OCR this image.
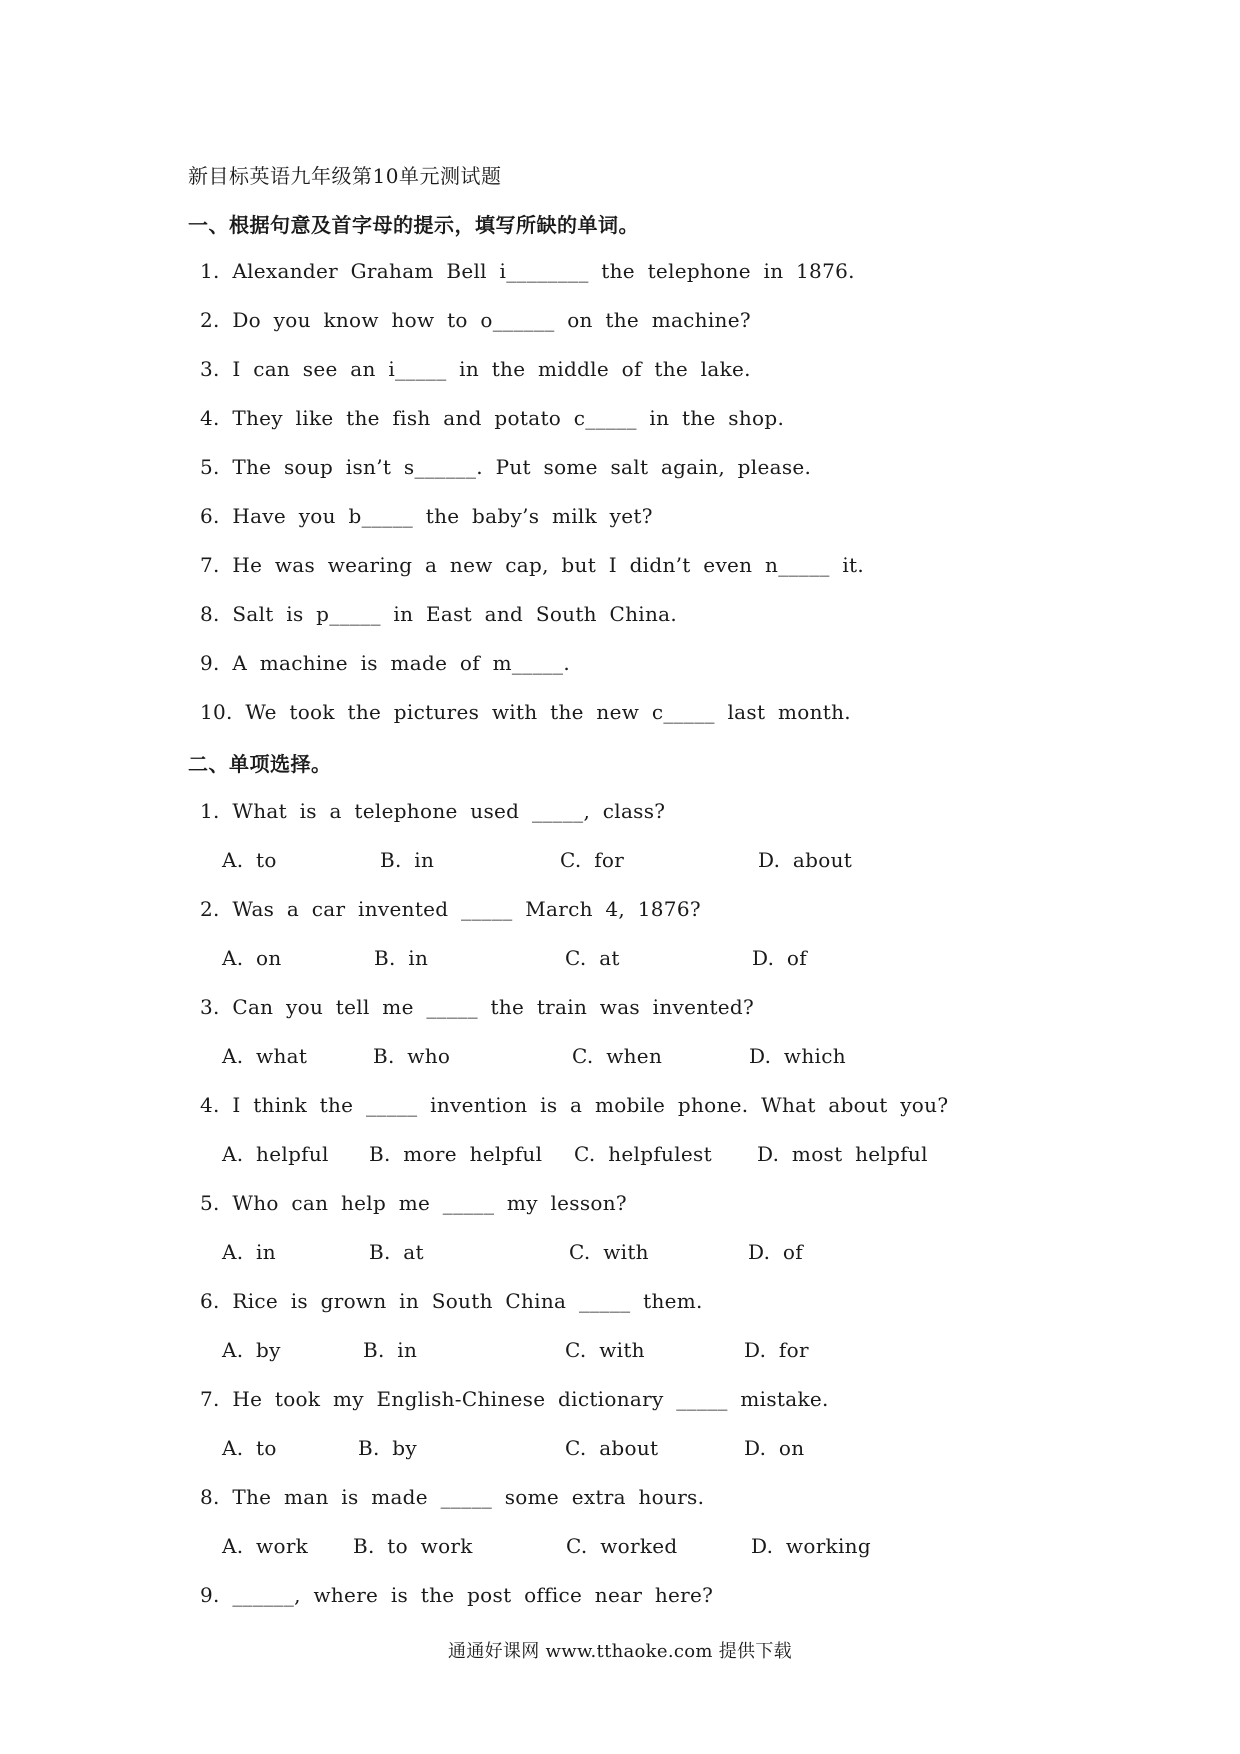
新目标英语九年级第10单元测试题
一、根据句意及首字母的提示，填写所缺的单词。
1. Alexander Graham Bell i________ the telephone in 1876.
2. Do you know how to o______ on the machine?
3. I can see an i_____ in the middle of the lake.
4. They like the fish and potato c_____ in the shop.
5. The soup isn’t s______. Put some salt again, please.
6. Have you b_____ the baby’s milk yet?
7. He was wearing a new cap, but I didn’t even n_____ it.
8. Salt is p_____ in East and South China.
9. A machine is made of m_____.
10. We took the pictures with the new c_____ last month.
二、单项选择。
1. What is a telephone used _____, class?
A. to	B. in	C. for	D. about
2. Was a car invented _____ March 4, 1876?
A. on	B. in	C. at	D. of
3. Can you tell me _____ the train was invented?
A. what	B. who	C. when	D. which
4. I think the _____ invention is a mobile phone. What about you?
A. helpful B. more helpful C. helpfulest D. most helpful
5. Who can help me _____ my lesson?
A. in	B. at	C. with	D. of
6. Rice is grown in South China _____ them.
A. by	B. in	C. with	D. for
7. He took my English-Chinese dictionary _____ mistake.
A. to	B. by	C. about	D. on
8. The man is made _____ some extra hours.
A. work B. to work	C. worked	D. working
9. ______, where is the post office near here?
通通好课网 www.tthaoke.com 提供下载
